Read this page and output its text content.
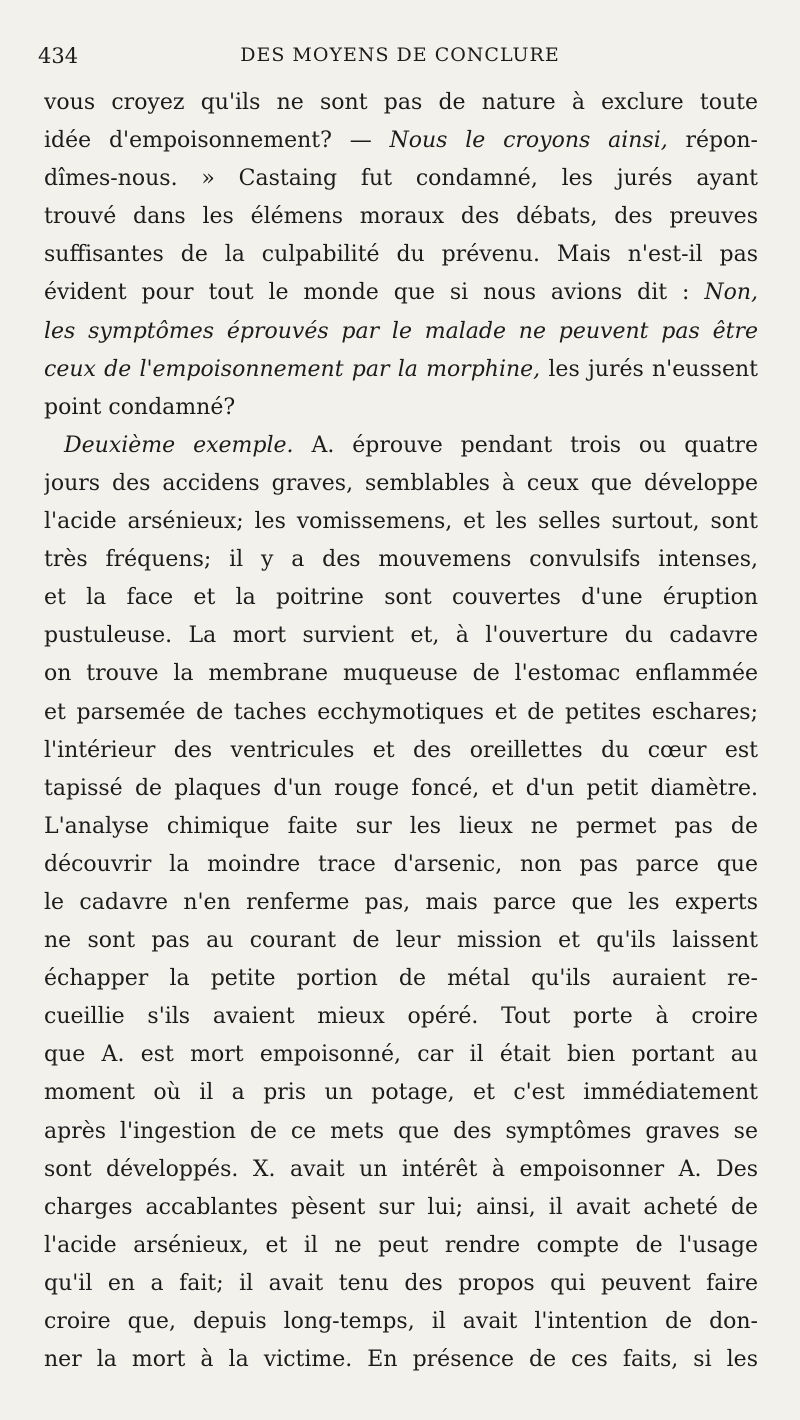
434	DES MOYENS DE CONCLURE
vous croyez qu'ils ne sont pas de nature à exclure toute
idée d'empoisonnement? — Nous le croyons ainsi, répon-
dîmes-nous. » Castaing fut condamné, les jurés ayant
trouvé dans les élémens moraux des débats, des preuves
suffisantes de la culpabilité du prévenu. Mais n'est-il pas
évident pour tout le monde que si nous avions dit : Non,
les symptômes éprouvés par le malade ne peuvent pas être
ceux de l'empoisonnement par la morphine, les jurés n'eussent
point condamné?
Deuxième exemple. A. éprouve pendant trois ou quatre
jours des accidens graves, semblables à ceux que développe
l'acide arsénieux; les vomissemens, et les selles surtout, sont
très fréquens; il y a des mouvemens convulsifs intenses,
et la face et la poitrine sont couvertes d'une éruption
pustuleuse. La mort survient et, à l'ouverture du cadavre
on trouve la membrane muqueuse de l'estomac enflammée
et parsemée de taches ecchymotiques et de petites eschares;
l'intérieur des ventricules et des oreillettes du cœur est
tapissé de plaques d'un rouge foncé, et d'un petit diamètre.
L'analyse chimique faite sur les lieux ne permet pas de
découvrir la moindre trace d'arsenic, non pas parce que
le cadavre n'en renferme pas, mais parce que les experts
ne sont pas au courant de leur mission et qu'ils laissent
échapper la petite portion de métal qu'ils auraient re-
cueillie s'ils avaient mieux opéré. Tout porte à croire
que A. est mort empoisonné, car il était bien portant au
moment où il a pris un potage, et c'est immédiatement
après l'ingestion de ce mets que des symptômes graves se
sont développés. X. avait un intérêt à empoisonner A. Des
charges accablantes pèsent sur lui; ainsi, il avait acheté de
l'acide arsénieux, et il ne peut rendre compte de l'usage
qu'il en a fait; il avait tenu des propos qui peuvent faire
croire que, depuis long-temps, il avait l'intention de don-
ner la mort à la victime. En présence de ces faits, si les
